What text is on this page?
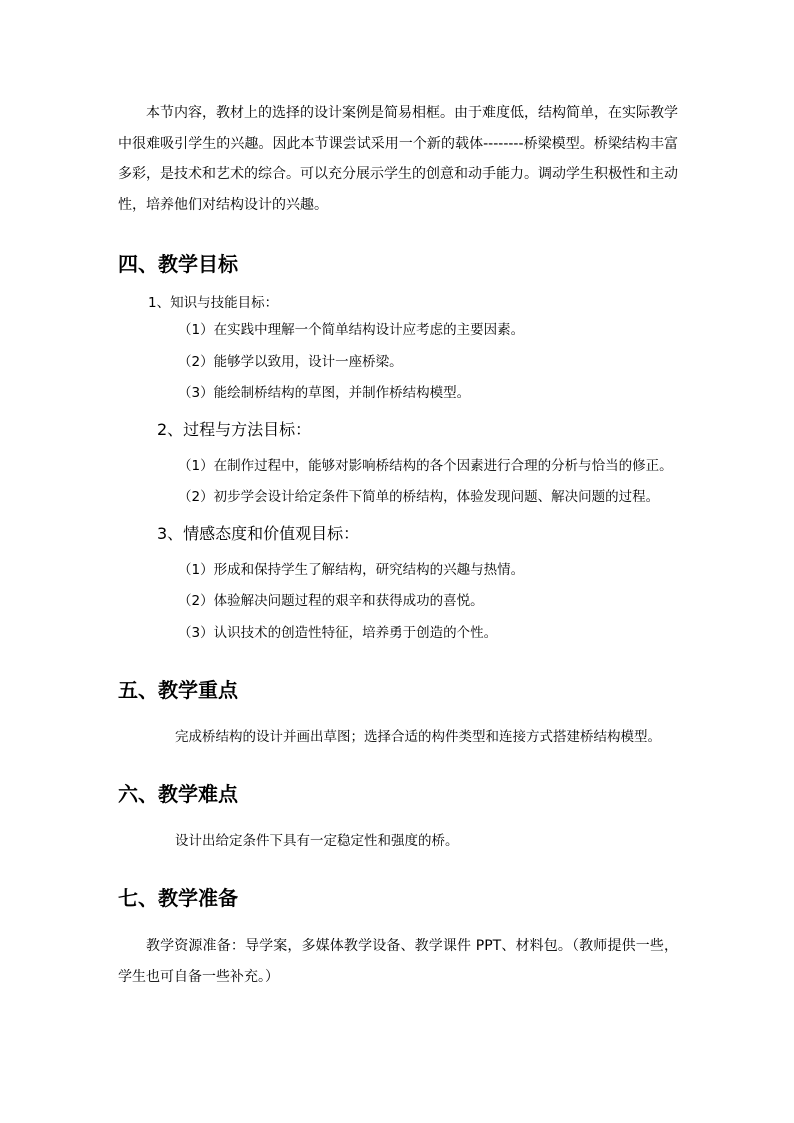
本节内容，教材上的选择的设计案例是简易相框。由于难度低，结构简单，在实际教学中很难吸引学生的兴趣。因此本节课尝试采用一个新的载体--------桥梁模型。桥梁结构丰富多彩，是技术和艺术的综合。可以充分展示学生的创意和动手能力。调动学生积极性和主动性，培养他们对结构设计的兴趣。

四、教学目标

1、知识与技能目标：

（1）在实践中理解一个简单结构设计应考虑的主要因素。

（2）能够学以致用，设计一座桥梁。

（3）能绘制桥结构的草图，并制作桥结构模型。

2、过程与方法目标：

（1）在制作过程中，能够对影响桥结构的各个因素进行合理的分析与恰当的修正。

（2）初步学会设计给定条件下简单的桥结构，体验发现问题、解决问题的过程。

3、情感态度和价值观目标：

（1）形成和保持学生了解结构，研究结构的兴趣与热情。

（2）体验解决问题过程的艰辛和获得成功的喜悦。

（3）认识技术的创造性特征，培养勇于创造的个性。

五、教学重点

完成桥结构的设计并画出草图；选择合适的构件类型和连接方式搭建桥结构模型。

六、教学难点

设计出给定条件下具有一定稳定性和强度的桥。

七、教学准备

教学资源准备：导学案，多媒体教学设备、教学课件 PPT、材料包。（教师提供一些，学生也可自备一些补充。）
